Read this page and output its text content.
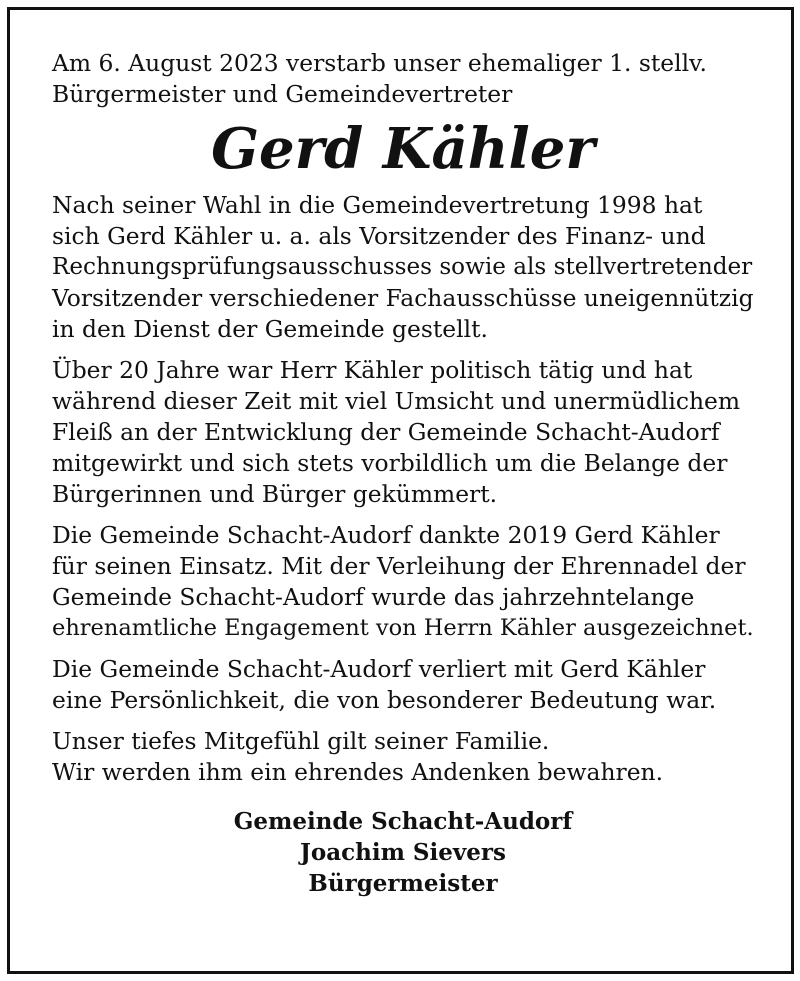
Am 6. August 2023 verstarb unser ehemaliger 1. stellv.
Bürgermeister und Gemeindevertreter
Gerd Kähler
Nach seiner Wahl in die Gemeindevertretung 1998 hat
sich Gerd Kähler u. a. als Vorsitzender des Finanz- und
Rechnungsprüfungsausschusses sowie als stellvertretender
Vorsitzender verschiedener Fachausschüsse uneigennützig
in den Dienst der Gemeinde gestellt.
Über 20 Jahre war Herr Kähler politisch tätig und hat
während dieser Zeit mit viel Umsicht und unermüdlichem
Fleiß an der Entwicklung der Gemeinde Schacht-Audorf
mitgewirkt und sich stets vorbildlich um die Belange der
Bürgerinnen und Bürger gekümmert.
Die Gemeinde Schacht-Audorf dankte 2019 Gerd Kähler
für seinen Einsatz. Mit der Verleihung der Ehrennadel der
Gemeinde Schacht-Audorf wurde das jahrzehntelange
ehrenamtliche Engagement von Herrn Kähler ausgezeichnet.
Die Gemeinde Schacht-Audorf verliert mit Gerd Kähler
eine Persönlichkeit, die von besonderer Bedeutung war.
Unser tiefes Mitgefühl gilt seiner Familie.
Wir werden ihm ein ehrendes Andenken bewahren.
Gemeinde Schacht-Audorf
Joachim Sievers
Bürgermeister
